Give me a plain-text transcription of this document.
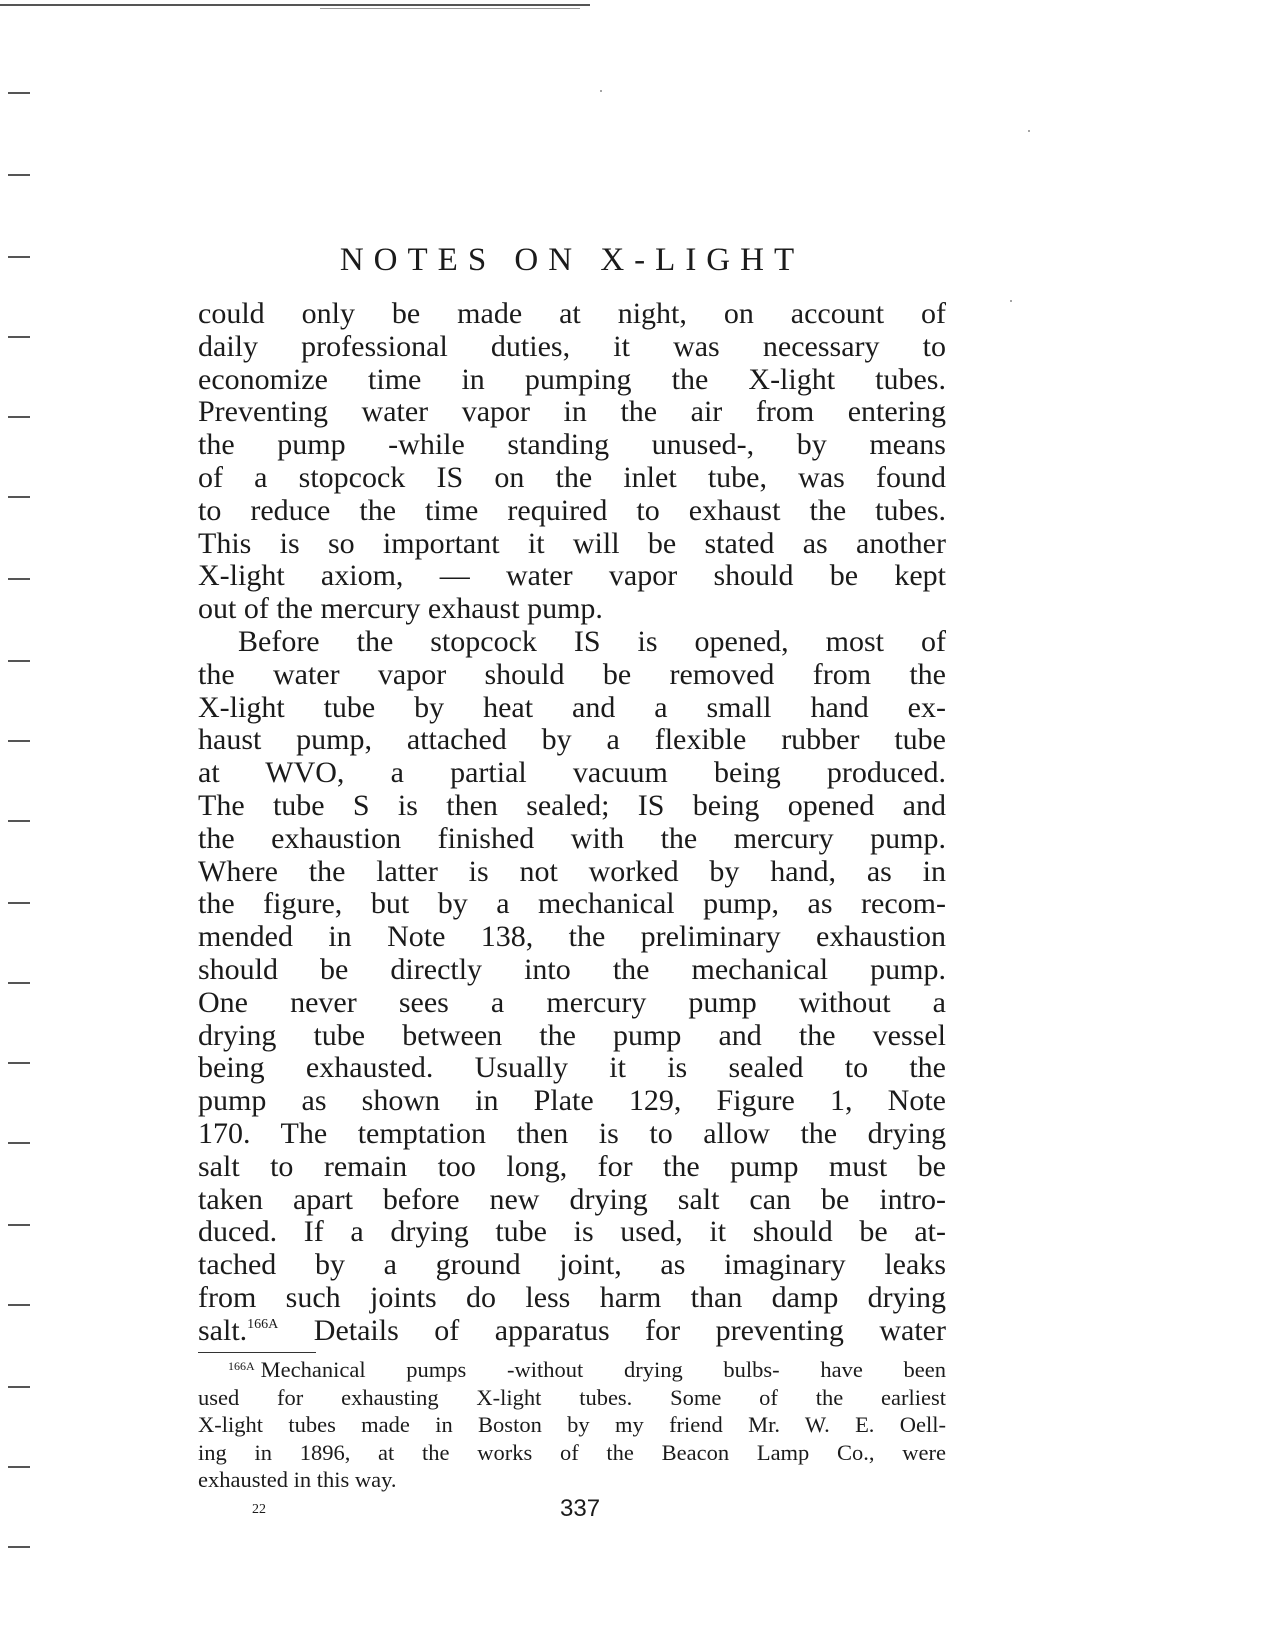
NOTES ON X-LIGHT
could only be made at night, on account of
daily professional duties, it was necessary to
economize time in pumping the X-light tubes.
Preventing water vapor in the air from entering
the pump -while standing unused-, by means
of a stopcock IS on the inlet tube, was found
to reduce the time required to exhaust the tubes.
This is so important it will be stated as another
X-light axiom, — water vapor should be kept
out of the mercury exhaust pump.
Before the stopcock IS is opened, most of
the water vapor should be removed from the
X-light tube by heat and a small hand ex-
haust pump, attached by a flexible rubber tube
at WVO, a partial vacuum being produced.
The tube S is then sealed; IS being opened and
the exhaustion finished with the mercury pump.
Where the latter is not worked by hand, as in
the figure, but by a mechanical pump, as recom-
mended in Note 138, the preliminary exhaustion
should be directly into the mechanical pump.
One never sees a mercury pump without a
drying tube between the pump and the vessel
being exhausted. Usually it is sealed to the
pump as shown in Plate 129, Figure 1, Note
170. The temptation then is to allow the drying
salt to remain too long, for the pump must be
taken apart before new drying salt can be intro-
duced. If a drying tube is used, it should be at-
tached by a ground joint, as imaginary leaks
from such joints do less harm than damp drying
salt.$^{166A}$ Details of apparatus for preventing water
$^{166A}$ Mechanical pumps -without drying bulbs- have been
used for exhausting X-light tubes. Some of the earliest
X-light tubes made in Boston by my friend Mr. W. E. Oell-
ing in 1896, at the works of the Beacon Lamp Co., were
exhausted in this way.
22	337
